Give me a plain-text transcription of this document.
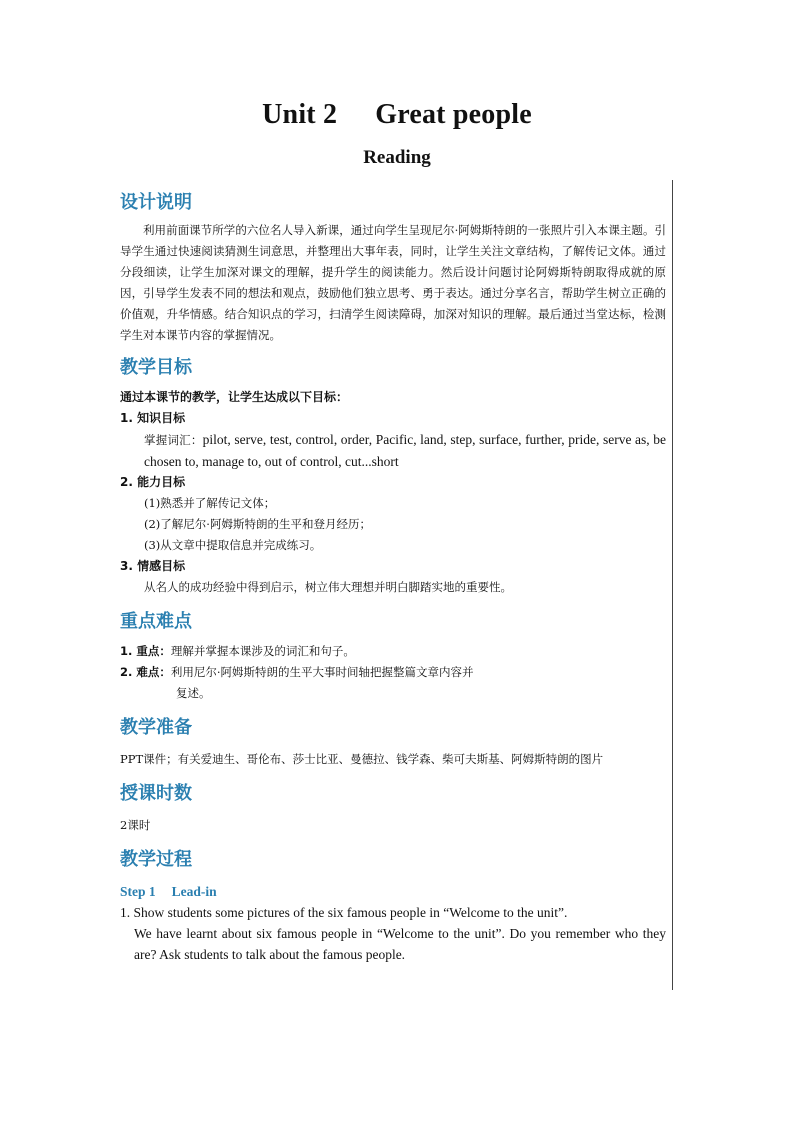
Unit 2 Great people
Reading
设计说明

利用前面课节所学的六位名人导入新课，通过向学生呈现尼尔·阿姆斯特朗的一张照片引入本课主题。引导学生通过快速阅读猜测生词意思，并整理出大事年表，同时，让学生关注文章结构，了解传记文体。通过分段细读，让学生加深对课文的理解，提升学生的阅读能力。然后设计问题讨论阿姆斯特朗取得成就的原因，引导学生发表不同的想法和观点，鼓励他们独立思考、勇于表达。通过分享名言，帮助学生树立正确的价值观，升华情感。结合知识点的学习，扫清学生阅读障碍，加深对知识的理解。最后通过当堂达标，检测学生对本课节内容的掌握情况。

教学目标

通过本课节的教学，让学生达成以下目标：

1. 知识目标

掌握词汇：pilot, serve, test, control, order, Pacific, land, step, surface, further, pride, serve as, be chosen to, manage to, out of control, cut...short

2. 能力目标

(1)熟悉并了解传记文体；

(2)了解尼尔·阿姆斯特朗的生平和登月经历；

(3)从文章中提取信息并完成练习。

3. 情感目标

从名人的成功经验中得到启示，树立伟大理想并明白脚踏实地的重要性。

重点难点

1. 重点：理解并掌握本课涉及的词汇和句子。

2. 难点：利用尼尔·阿姆斯特朗的生平大事时间轴把握整篇文章内容并

复述。

教学准备

PPT课件；有关爱迪生、哥伦布、莎士比亚、曼德拉、钱学森、柴可夫斯基、阿姆斯特朗的图片

授课时数

2课时

教学过程

Step 1 Lead-in

1. Show students some pictures of the six famous people in “Welcome to the unit”.

We have learnt about six famous people in “Welcome to the unit”. Do you remember who they are? Ask students to talk about the famous people.
